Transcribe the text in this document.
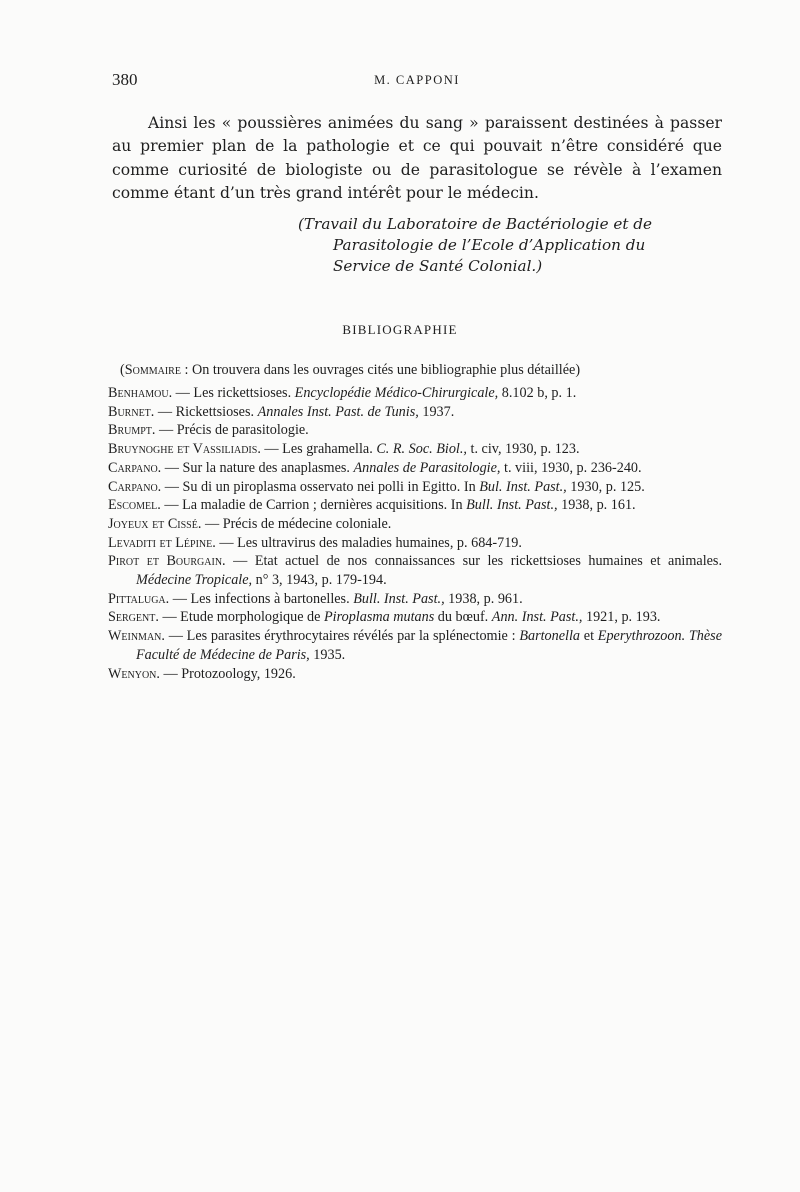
380	M. CAPPONI

Ainsi les « poussières animées du sang » paraissent destinées à passer au premier plan de la pathologie et ce qui pouvait n’être considéré que comme curiosité de biologiste ou de parasitologue se révèle à l’examen comme étant d’un très grand intérêt pour le médecin.

(Travail du Laboratoire de Bactériologie et de
Parasitologie de l’Ecole d’Application du
Service de Santé Colonial.)
BIBLIOGRAPHIE
(Sommaire : On trouvera dans les ouvrages cités une bibliographie plus détaillée)
Benhamou. — Les rickettsioses. Encyclopédie Médico-Chirurgicale, 8.102 b, p. 1.
Burnet. — Rickettsioses. Annales Inst. Past. de Tunis, 1937.
Brumpt. — Précis de parasitologie.
Bruynoghe et Vassiliadis. — Les grahamella. C. R. Soc. Biol., t. civ, 1930, p. 123.
Carpano. — Sur la nature des anaplasmes. Annales de Parasitologie, t. viii, 1930, p. 236-240.
Carpano. — Su di un piroplasma osservato nei polli in Egitto. In Bul. Inst. Past., 1930, p. 125.
Escomel. — La maladie de Carrion ; dernières acquisitions. In Bull. Inst. Past., 1938, p. 161.
Joyeux et Cissé. — Précis de médecine coloniale.
Levaditi et Lépine. — Les ultravirus des maladies humaines, p. 684-719.
Pirot et Bourgain. — Etat actuel de nos connaissances sur les rickettsioses humaines et animales. Médecine Tropicale, n° 3, 1943, p. 179-194.
Pittaluga. — Les infections à bartonelles. Bull. Inst. Past., 1938, p. 961.
Sergent. — Etude morphologique de Piroplasma mutans du bœuf. Ann. Inst. Past., 1921, p. 193.
Weinman. — Les parasites érythrocytaires révélés par la splénectomie : Bartonella et Eperythrozoon. Thèse Faculté de Médecine de Paris, 1935.
Wenyon. — Protozoology, 1926.
